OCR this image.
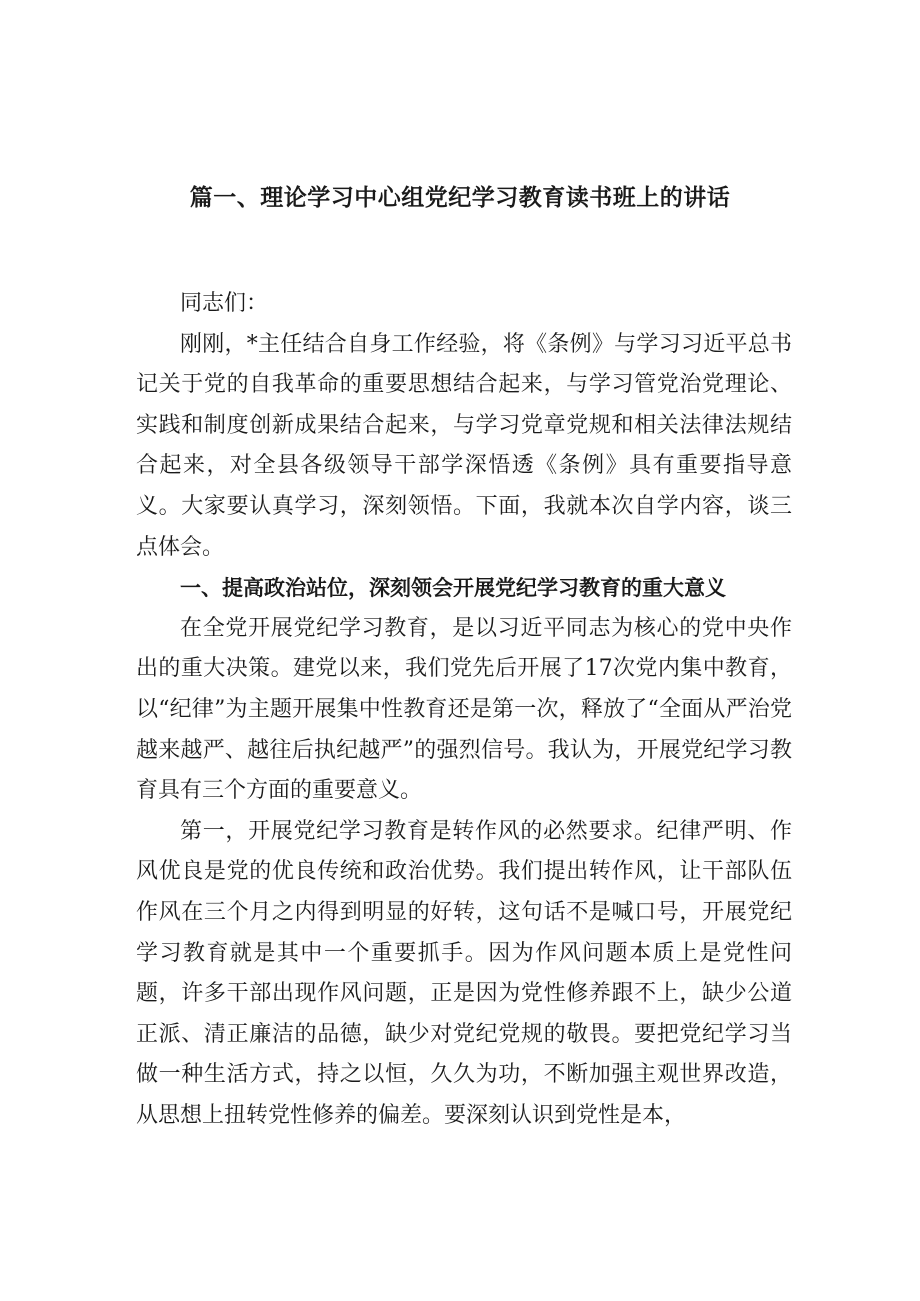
篇一、理论学习中心组党纪学习教育读书班上的讲话

同志们：

刚刚，*主任结合自身工作经验，将《条例》与学习习近平总书记关于党的自我革命的重要思想结合起来，与学习管党治党理论、实践和制度创新成果结合起来，与学习党章党规和相关法律法规结合起来，对全县各级领导干部学深悟透《条例》具有重要指导意义。大家要认真学习，深刻领悟。下面，我就本次自学内容，谈三点体会。

一、提高政治站位，深刻领会开展党纪学习教育的重大意义

在全党开展党纪学习教育，是以习近平同志为核心的党中央作出的重大决策。建党以来，我们党先后开展了17次党内集中教育，以“纪律”为主题开展集中性教育还是第一次，释放了“全面从严治党越来越严、越往后执纪越严”的强烈信号。我认为，开展党纪学习教育具有三个方面的重要意义。

第一，开展党纪学习教育是转作风的必然要求。纪律严明、作风优良是党的优良传统和政治优势。我们提出转作风，让干部队伍作风在三个月之内得到明显的好转，这句话不是喊口号，开展党纪学习教育就是其中一个重要抓手。因为作风问题本质上是党性问题，许多干部出现作风问题，正是因为党性修养跟不上，缺少公道正派、清正廉洁的品德，缺少对党纪党规的敬畏。要把党纪学习当做一种生活方式，持之以恒，久久为功，不断加强主观世界改造，从思想上扭转党性修养的偏差。要深刻认识到党性是本，
